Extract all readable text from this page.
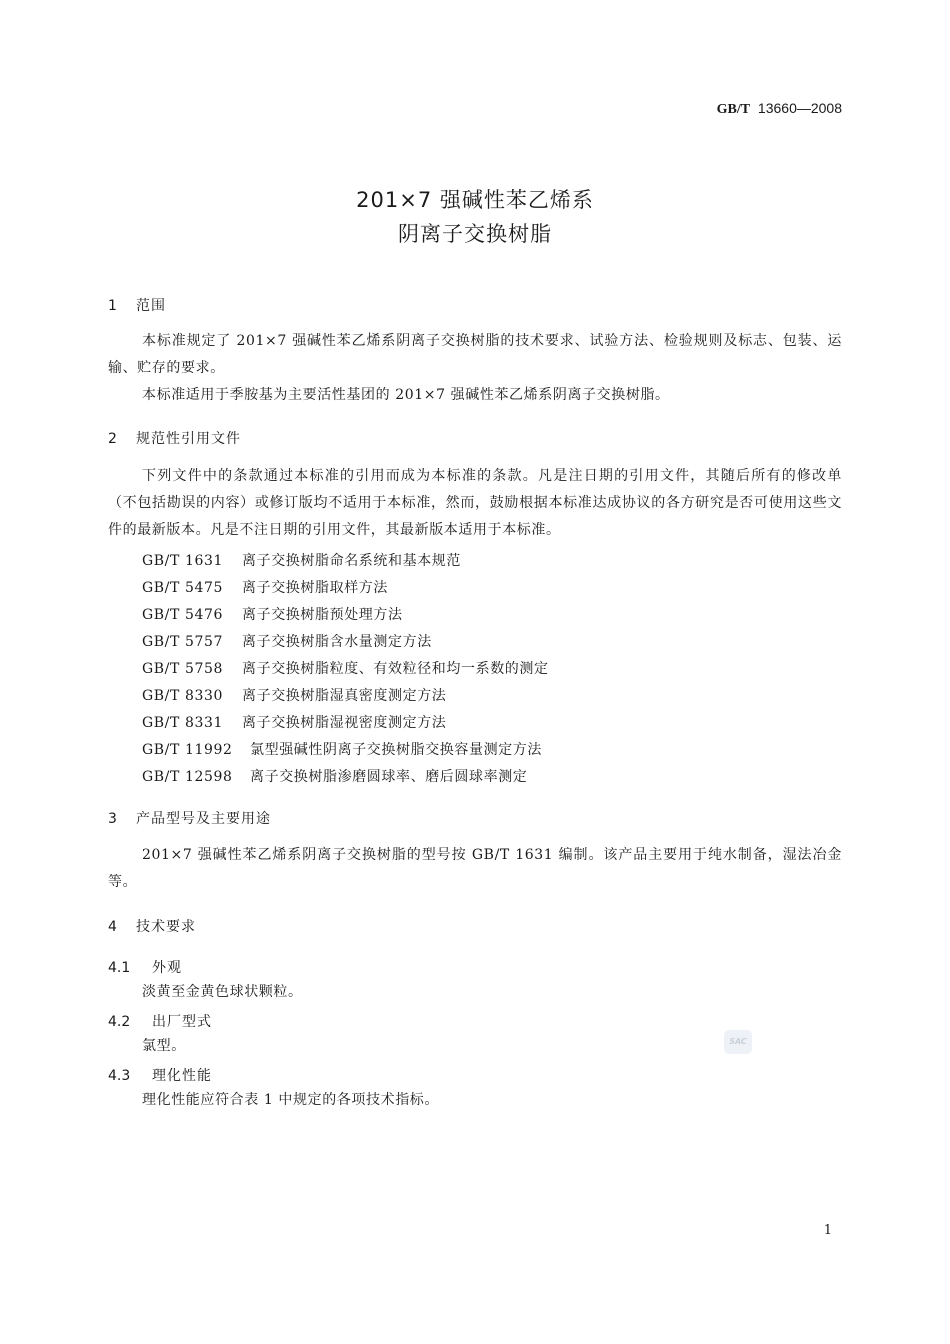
GB/T 13660—2008
201×7 强碱性苯乙烯系
阴离子交换树脂
1 范围
本标准规定了 201×7 强碱性苯乙烯系阴离子交换树脂的技术要求、试验方法、检验规则及标志、包装、运输、贮存的要求。
本标准适用于季胺基为主要活性基团的 201×7 强碱性苯乙烯系阴离子交换树脂。
2 规范性引用文件
下列文件中的条款通过本标准的引用而成为本标准的条款。凡是注日期的引用文件，其随后所有的修改单（不包括勘误的内容）或修订版均不适用于本标准，然而，鼓励根据本标准达成协议的各方研究是否可使用这些文件的最新版本。凡是不注日期的引用文件，其最新版本适用于本标准。
GB/T 1631 离子交换树脂命名系统和基本规范
GB/T 5475 离子交换树脂取样方法
GB/T 5476 离子交换树脂预处理方法
GB/T 5757 离子交换树脂含水量测定方法
GB/T 5758 离子交换树脂粒度、有效粒径和均一系数的测定
GB/T 8330 离子交换树脂湿真密度测定方法
GB/T 8331 离子交换树脂湿视密度测定方法
GB/T 11992 氯型强碱性阴离子交换树脂交换容量测定方法
GB/T 12598 离子交换树脂渗磨圆球率、磨后圆球率测定
3 产品型号及主要用途
201×7 强碱性苯乙烯系阴离子交换树脂的型号按 GB/T 1631 编制。该产品主要用于纯水制备，湿法冶金等。
4 技术要求
4.1 外观
淡黄至金黄色球状颗粒。
4.2 出厂型式
氯型。
4.3 理化性能
理化性能应符合表 1 中规定的各项技术指标。
SAC
1
